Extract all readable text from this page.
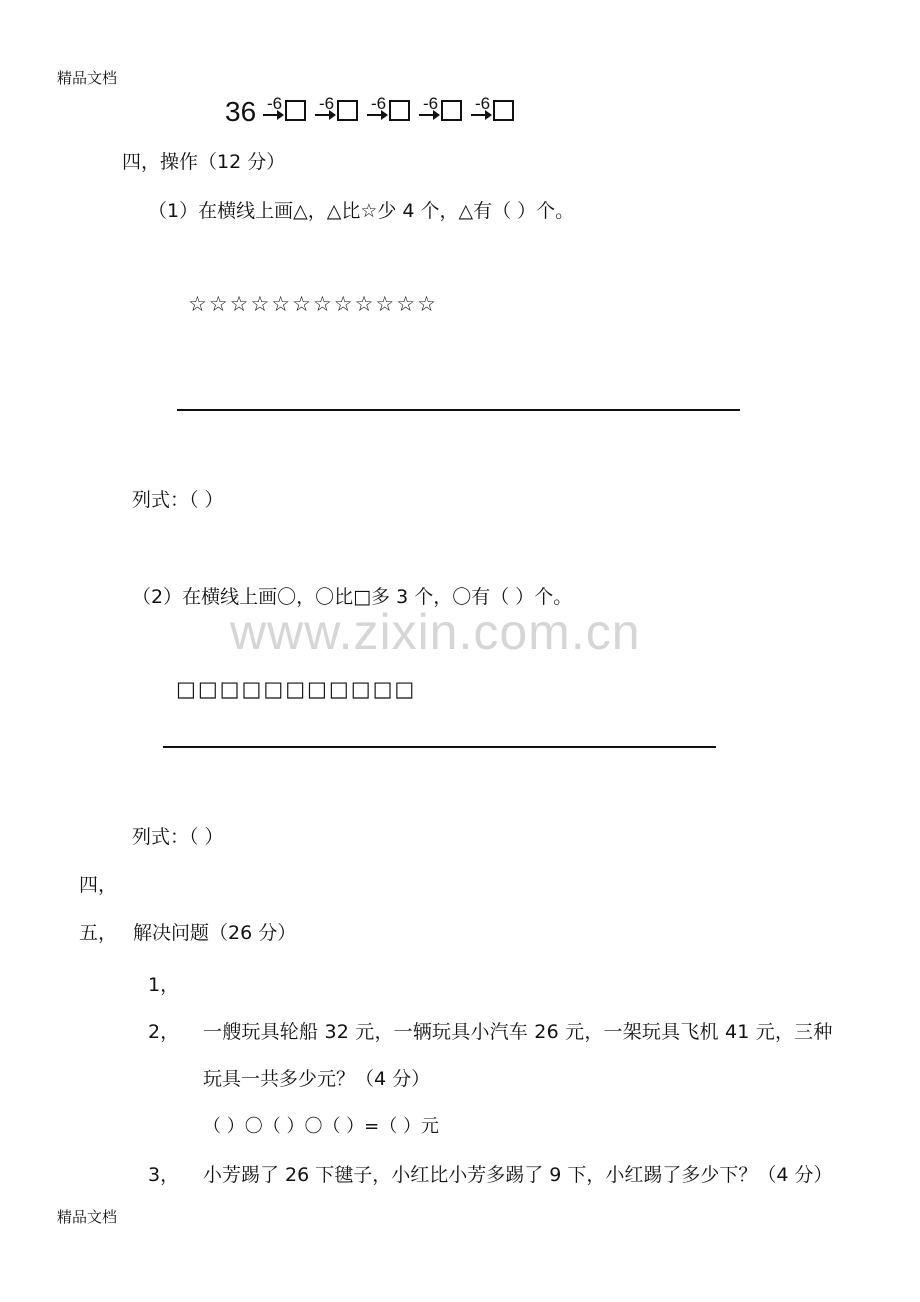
精品文档
36 -6 -6 -6 -6 -6
四，操作（12 分）
（1）在横线上画△，△比☆少 4 个，△有（ ）个。
☆☆☆☆☆☆☆☆☆☆☆☆
列式：（ ）
（2）在横线上画〇，〇比□多 3 个，〇有（ ）个。
www.zixin.com.cn
□□□□□□□□□□□
列式：（ ）
四，
五， 解决问题（26 分）
1，
2， 一艘玩具轮船 32 元，一辆玩具小汽车 26 元，一架玩具飞机 41 元，三种
玩具一共多少元？（4 分）
（ ）〇（ ）〇（ ）=（ ）元
3， 小芳踢了 26 下毽子，小红比小芳多踢了 9 下，小红踢了多少下？（4 分）
精品文档
